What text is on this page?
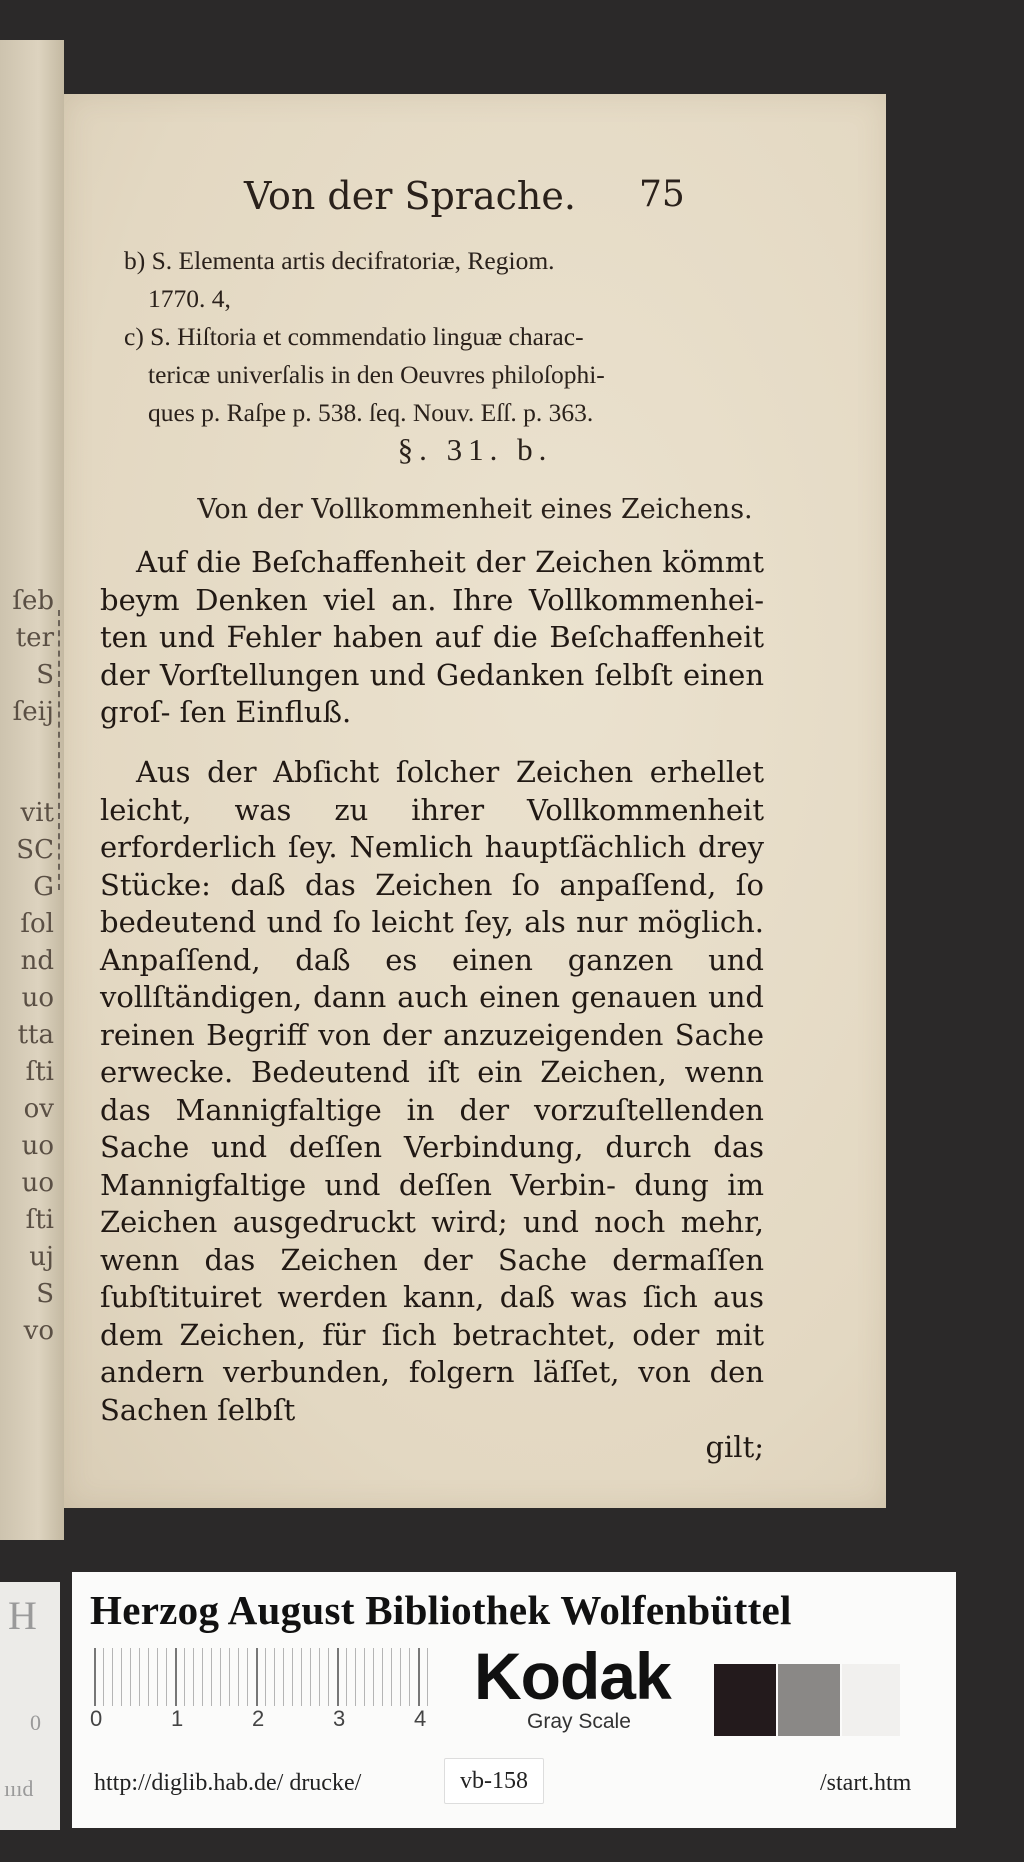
ſeb
ter
S
ſeij
vit
SC
G
ſol
nd
uo
tta
ſti
ov
uo
uo
ſti
uj
S
vo
Von der Sprache. 75
b) S. Elementa artis decifratoriæ, Regiom.

1770. 4,
c) S. Hiſtoria et commendatio linguæ charac-

tericæ univerſalis in den Oeuvres philoſophi-
ques p. Raſpe p. 538. ſeq. Nouv. Eſſ. p. 363.
§. 31. b.
Von der Vollkommenheit eines Zeichens.

Auf die Beſchaffenheit der Zeichen kömmt beym Denken viel an. Ihre Vollkommenhei- ten und Fehler haben auf die Beſchaffenheit der Vorſtellungen und Gedanken ſelbſt einen groſ- ſen Einfluß.

Aus der Abſicht ſolcher Zeichen erhellet leicht, was zu ihrer Vollkommenheit erforderlich ſey. Nemlich hauptſächlich drey Stücke: daß das Zeichen ſo anpaſſend, ſo bedeutend und ſo leicht ſey, als nur möglich. Anpaſſend, daß es einen ganzen und vollſtändigen, dann auch einen genauen und reinen Begriff von der anzuzeigenden Sache erwecke. Bedeutend iſt ein Zeichen, wenn das Mannigfaltige in der vorzuſtellenden Sache und deſſen Verbindung, durch das Mannigfaltige und deſſen Verbin- dung im Zeichen ausgedruckt wird; und noch mehr, wenn das Zeichen der Sache dermaſſen ſubſtituiret werden kann, daß was ſich aus dem Zeichen, für ſich betrachtet, oder mit andern verbunden, folgern läſſet, von den Sachen ſelbſt

gilt;

H
0
ıııd
Herzog August Bibliothek Wolfenbüttel
0	1	2	3	4
Kodak
Gray Scale
http://diglib.hab.de/ drucke/	vb-158	/start.htm
